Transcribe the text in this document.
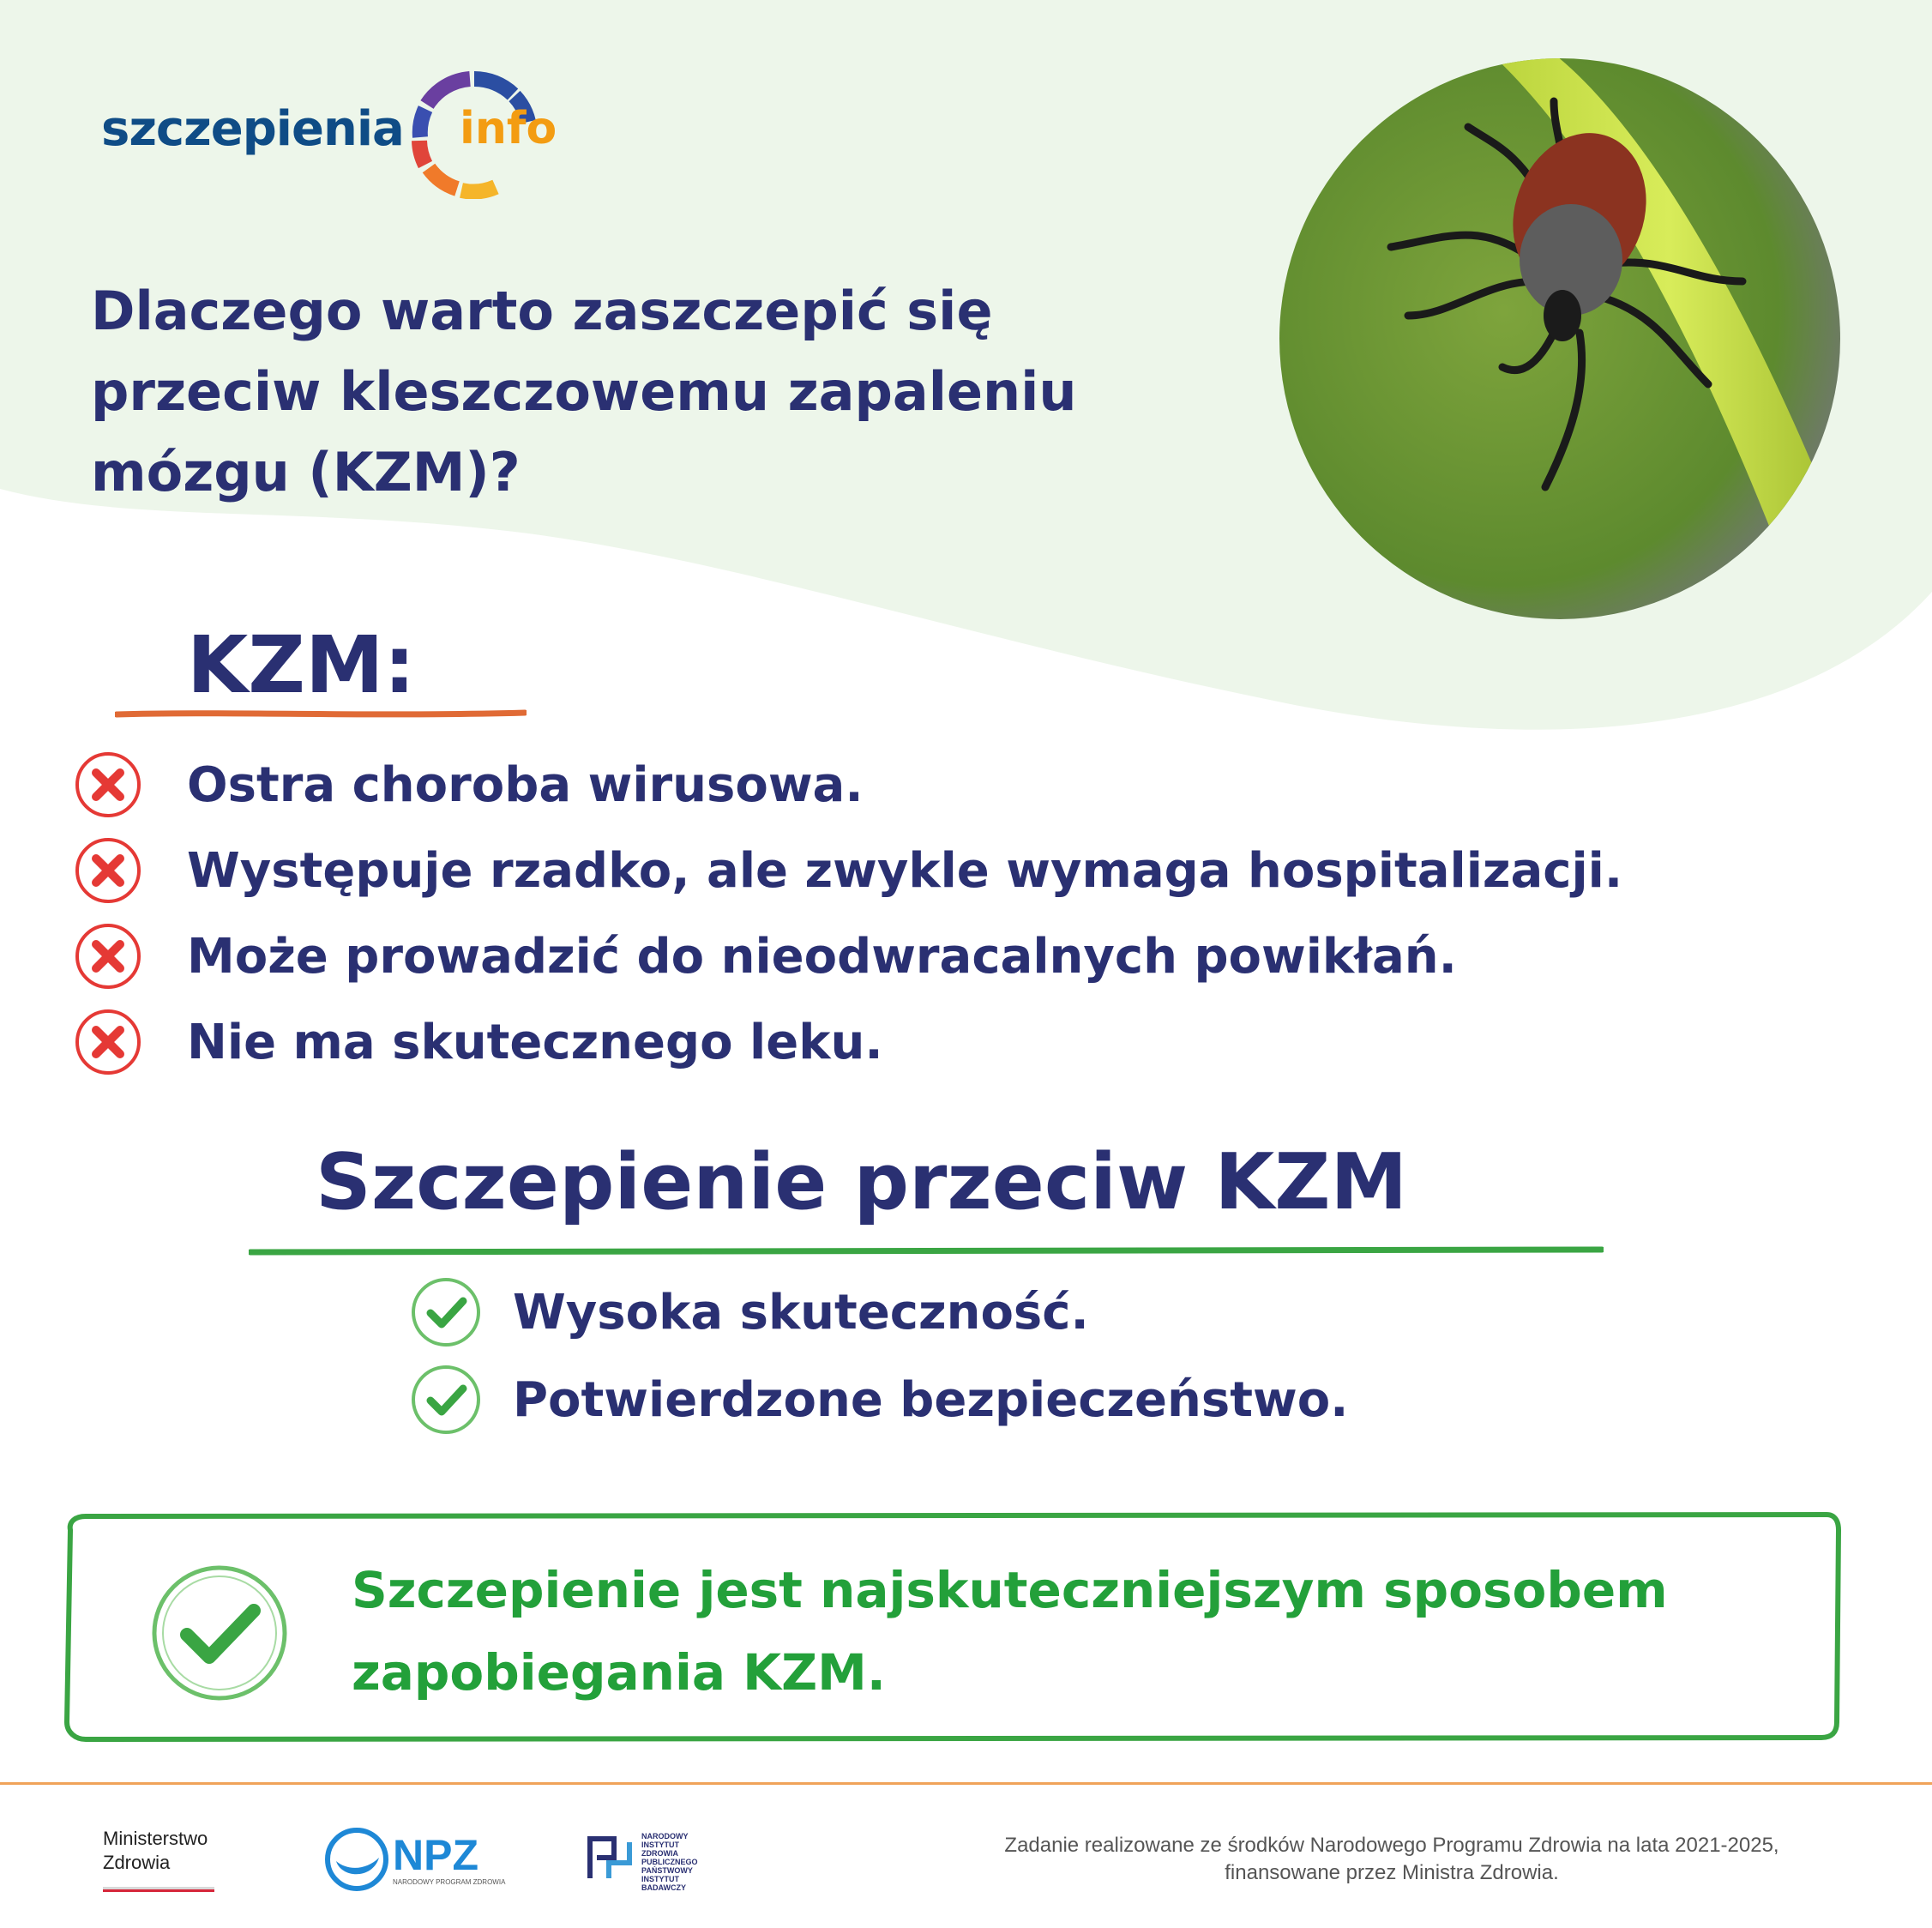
szczepienia info
Dlaczego warto zaszczepić się przeciw kleszczowemu zapaleniu mózgu (KZM)?
KZM:
Ostra choroba wirusowa.
Występuje rzadko, ale zwykle wymaga hospitalizacji.
Może prowadzić do nieodwracalnych powikłań.
Nie ma skutecznego leku.
Szczepienie przeciw KZM
Wysoka skuteczność.
Potwierdzone bezpieczeństwo.
Szczepienie jest najskuteczniejszym sposobem zapobiegania KZM.
Ministerstwo Zdrowia	NPZ
NARODOWY PROGRAM ZDROWIA
NARODOWY INSTYTUT ZDROWIA PUBLICZNEGO PAŃSTWOWY INSTYTUT BADAWCZY
Zadanie realizowane ze środków Narodowego Programu Zdrowia na lata 2021-2025, finansowane przez Ministra Zdrowia.
